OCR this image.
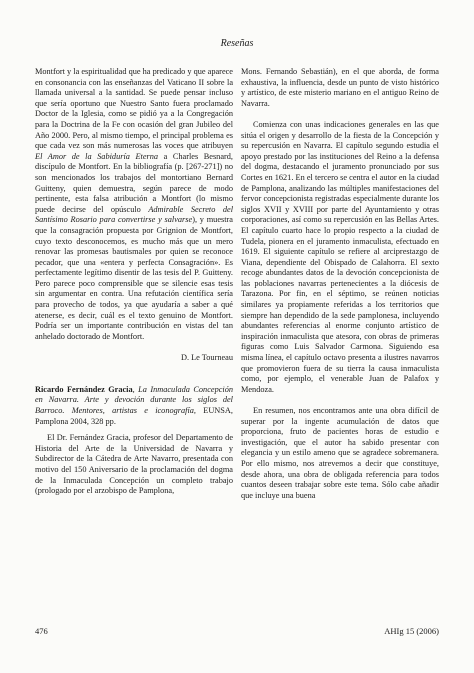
Reseñas

Montfort y la espiritualidad que ha predicado y que aparece en consonancia con las enseñanzas del Vaticano II sobre la llamada universal a la santidad. Se puede pensar incluso que sería oportuno que Nuestro Santo fuera proclamado Doctor de la Iglesia, como se pidió ya a la Congregación para la Doctrina de la Fe con ocasión del gran Jubileo del Año 2000. Pero, al mismo tiempo, el principal problema es que cada vez son más numerosas las voces que atribuyen El Amor de la Sabiduría Eterna a Charles Besnard, discípulo de Montfort. En la bibliografía (p. [267-271]) no son mencionados los trabajos del montortiano Bernard Guitteny, quien demuestra, según parece de modo pertinente, esta falsa atribución a Montfort (lo mismo puede decirse del opúsculo Admirable Secreto del Santísimo Rosario para convertirse y salvarse), y muestra que la consagración propuesta por Grignion de Montfort, cuyo texto desconocemos, es mucho más que un mero renovar las promesas bautismales por quien se reconoce pecador, que una «entera y perfecta Consagración». Es perfectamente legítimo disentir de las tesis del P. Guitteny. Pero parece poco comprensible que se silencie esas tesis sin argumentar en contra. Una refutación científica sería para provecho de todos, ya que ayudaría a saber a qué atenerse, es decir, cuál es el texto genuino de Montfort. Podría ser un importante contribución en vistas del tan anhelado doctorado de Montfort.

D. Le Tourneau

Ricardo Fernández Gracia, La Inmaculada Concepción en Navarra. Arte y devoción durante los siglos del Barroco. Mentores, artistas e iconografía, EUNSA, Pamplona 2004, 328 pp.

El Dr. Fernández Gracia, profesor del Departamento de Historia del Arte de la Universidad de Navarra y Subdirector de la Cátedra de Arte Navarro, presentada con motivo del 150 Aniversario de la proclamación del dogma de la Inmaculada Concepción un completo trabajo (prologado por el arzobispo de Pamplona,

Mons. Fernando Sebastián), en el que aborda, de forma exhaustiva, la influencia, desde un punto de visto histórico y artístico, de este misterio mariano en el antiguo Reino de Navarra.

Comienza con unas indicaciones generales en las que sitúa el origen y desarrollo de la fiesta de la Concepción y su repercusión en Navarra. El capítulo segundo estudia el apoyo prestado por las instituciones del Reino a la defensa del dogma, destacando el juramento pronunciado por sus Cortes en 1621. En el tercero se centra el autor en la ciudad de Pamplona, analizando las múltiples manifestaciones del fervor concepcionista registradas especialmente durante los siglos XVII y XVIII por parte del Ayuntamiento y otras corporaciones, así como su repercusión en las Bellas Artes. El capítulo cuarto hace lo propio respecto a la ciudad de Tudela, pionera en el juramento inmaculista, efectuado en 1619. El siguiente capítulo se refiere al arciprestazgo de Viana, dependiente del Obispado de Calahorra. El sexto recoge abundantes datos de la devoción concepcionista de las poblaciones navarras pertenecientes a la diócesis de Tarazona. Por fin, en el séptimo, se reúnen noticias similares ya propiamente referidas a los territorios que siempre han dependido de la sede pamplonesa, incluyendo abundantes referencias al enorme conjunto artístico de inspiración inmaculista que atesora, con obras de primeras figuras como Luis Salvador Carmona. Siguiendo esa misma línea, el capítulo octavo presenta a ilustres navarros que promovieron fuera de su tierra la causa inmaculista como, por ejemplo, el venerable Juan de Palafox y Mendoza.

En resumen, nos encontramos ante una obra difícil de superar por la ingente acumulación de datos que proporciona, fruto de pacientes horas de estudio e investigación, que el autor ha sabido presentar con elegancia y un estilo ameno que se agradece sobremanera. Por ello mismo, nos atrevemos a decir que constituye, desde ahora, una obra de obligada referencia para todos cuantos deseen trabajar sobre este tema. Sólo cabe añadir que incluye una buena

476	AHIg 15 (2006)
